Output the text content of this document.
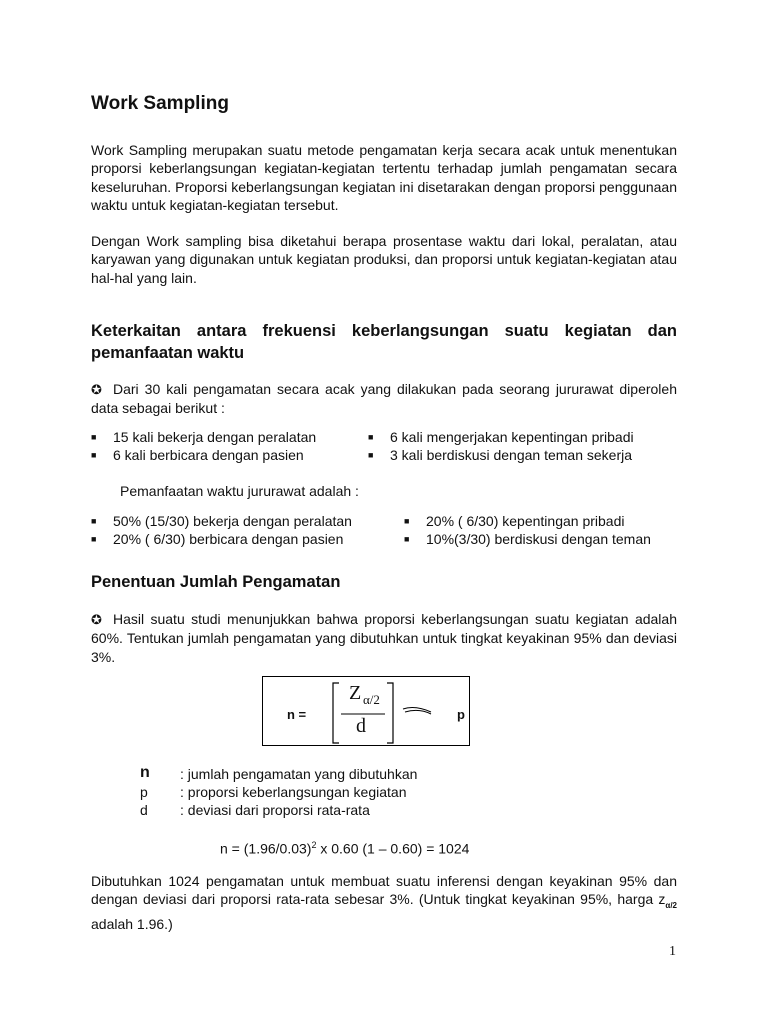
Work Sampling

Work Sampling merupakan suatu metode pengamatan kerja secara acak untuk menentukan proporsi keberlangsungan kegiatan-kegiatan tertentu terhadap jumlah pengamatan secara keseluruhan. Proporsi keberlangsungan kegiatan ini disetarakan dengan proporsi penggunaan waktu untuk kegiatan-kegiatan tersebut.

Dengan Work sampling bisa diketahui berapa prosentase waktu dari lokal, peralatan, atau karyawan yang digunakan untuk kegiatan produksi, dan proporsi untuk kegiatan-kegiatan atau hal-hal yang lain.

Keterkaitan antara frekuensi keberlangsungan suatu kegiatan dan pemanfaatan waktu

✪ Dari 30 kali pengamatan secara acak yang dilakukan pada seorang jururawat diperoleh data sebagai berikut :

■ 15 kali bekerja dengan peralatan
■ 6 kali berbicara dengan pasien
■ 6 kali mengerjakan kepentingan pribadi
■ 3 kali berdiskusi dengan teman sekerja

Pemanfaatan waktu jururawat adalah :

■ 50% (15/30) bekerja dengan peralatan
■ 20% ( 6/30) berbicara dengan pasien
■ 20% ( 6/30) kepentingan pribadi
■ 10%(3/30) berdiskusi dengan teman
Penentuan Jumlah Pengamatan

✪ Hasil suatu studi menunjukkan bahwa proporsi keberlangsungan suatu kegiatan adalah 60%. Tentukan jumlah pengamatan yang dibutuhkan untuk tingkat keyakinan 95% dan deviasi 3%.

n =
Z α/2
d
p
n	: jumlah pengamatan yang dibutuhkan
p	: proporsi keberlangsungan kegiatan
d	: deviasi dari proporsi rata-rata

$n = (1.96/0.03)^2$ x 0.60 (1 – 0.60) = 1024

Dibutuhkan 1024 pengamatan untuk membuat suatu inferensi dengan keyakinan 95% dan dengan deviasi dari proporsi rata-rata sebesar 3%. (Untuk tingkat keyakinan 95%, harga $z_{\alpha/2}$ adalah 1.96.)

1
